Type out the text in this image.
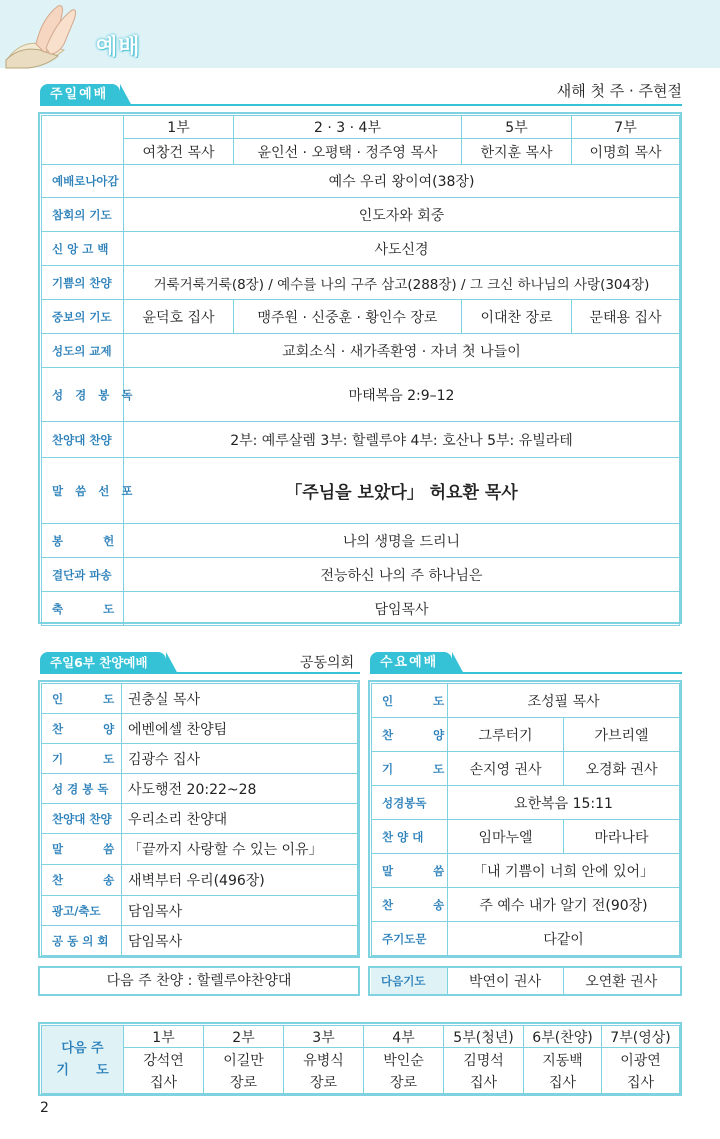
예배
주일예배	새해 첫 주 · 주현절
	1부	2 · 3 · 4부	5부	7부
	여창건 목사	윤인선 · 오평택 · 정주영 목사	한지훈 목사	이명희 목사
예배로나아감	예수 우리 왕이여(38장)			
참회의 기도	인도자와 회중			
신 앙 고 백	사도신경			
기쁨의 찬양	거룩거룩거룩(8장) / 예수를 나의 구주 삼고(288장) / 그 크신 하나님의 사랑(304장)			
중보의 기도	윤덕호 집사	맹주원 · 신중훈 · 황인수 장로	이대찬 장로	문태용 집사
성도의 교제	교회소식 · 새가족환영 · 자녀 첫 나들이			
성 경 봉 독	마태복음 2:9–12			
찬양대 찬양	2부: 예루살렘 3부: 할렐루야 4부: 호산나 5부: 유빌라테			
말 씀 선 포	「주님을 보았다」 허요환 목사			
봉          헌	나의 생명을 드리니			
결단과 파송	전능하신 나의 주 하나님은			
축          도	담임목사			
주일6부 찬양예배	공동의회
인          도	권충실 목사
찬          양	에벤에셀 찬양팀
기          도	김광수 집사
성 경 봉 독	사도행전 20:22~28
찬양대 찬양	우리소리 찬양대
말          씀	「끝까지 사랑할 수 있는 이유」
찬          송	새벽부터 우리(496장)
광고/축도	담임목사
공 동 의 회	담임목사
다음 주 찬양 : 할렐루야찬양대
수요예배
인          도	조성필 목사	
찬          양	그루터기	가브리엘
기          도	손지영 권사	오경화 권사
성경봉독	요한복음 15:11	
찬 양 대	임마누엘	마라나타
말          씀	「내 기쁨이 너희 안에 있어」	
찬          송	주 예수 내가 알기 전(90장)	
주기도문	다같이	
다음기도	박연이 권사	오연환 권사
다음 주
기      도	1부	2부	3부	4부	5부(청년)	6부(찬양)	7부(영상)
	강석연	이길만	유병식	박인순	김명석	지동백	이광연
	집사	장로	장로	장로	집사	집사	집사
2
